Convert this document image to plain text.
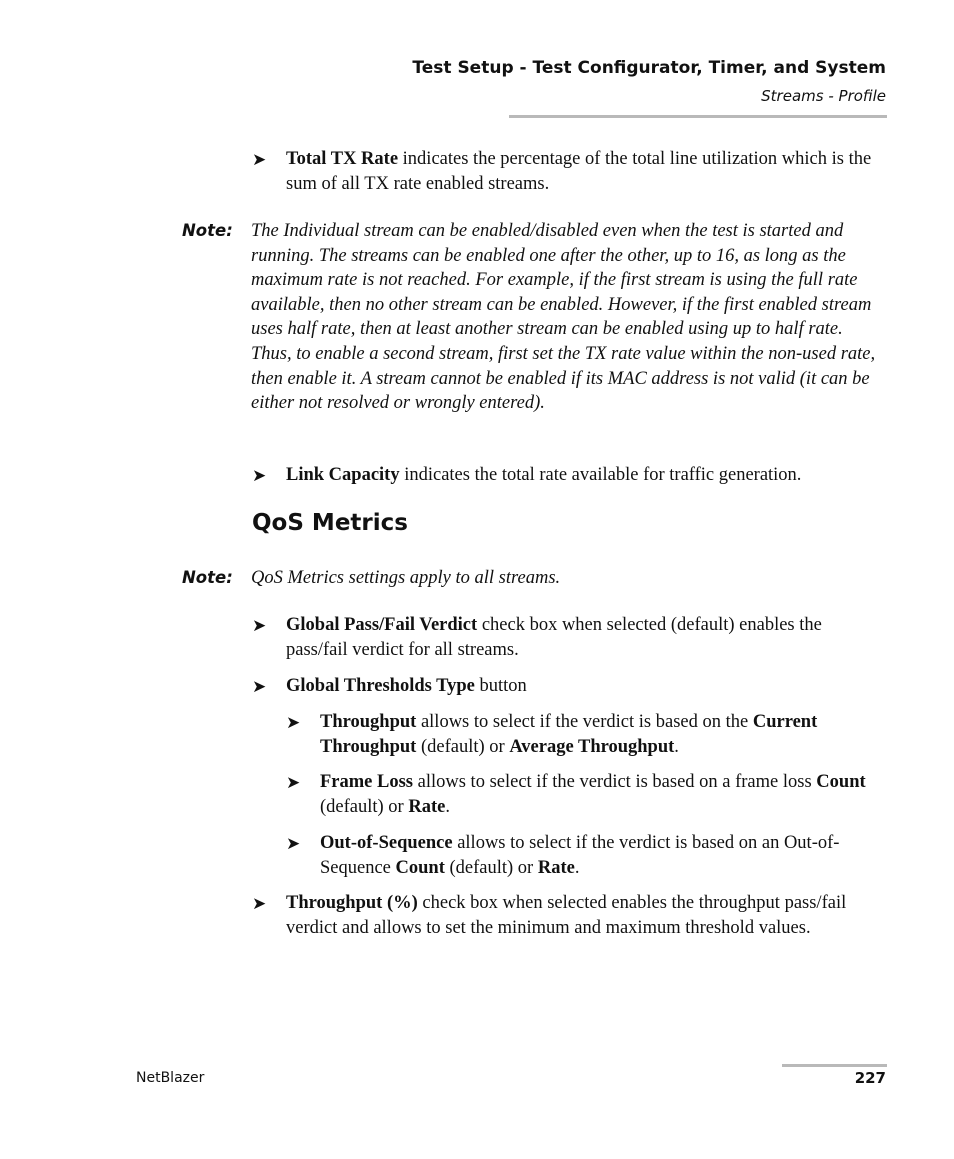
Test Setup - Test Configurator, Timer, and System
Streams - Profile
➤	Total TX Rate indicates the percentage of the total line utilization which is the sum of all TX rate enabled streams.
Note: The Individual stream can be enabled/disabled even when the test is started and running. The streams can be enabled one after the other, up to 16, as long as the maximum rate is not reached. For example, if the first stream is using the full rate available, then no other stream can be enabled. However, if the first enabled stream uses half rate, then at least another stream can be enabled using up to half rate. Thus, to enable a second stream, first set the TX rate value within the non-used rate, then enable it. A stream cannot be enabled if its MAC address is not valid (it can be either not resolved or wrongly entered).
➤	Link Capacity indicates the total rate available for traffic generation.
QoS Metrics
Note: QoS Metrics settings apply to all streams.
➤	Global Pass/Fail Verdict check box when selected (default) enables the pass/fail verdict for all streams.
➤	Global Thresholds Type button
➤	Throughput allows to select if the verdict is based on the Current Throughput (default) or Average Throughput.
➤	Frame Loss allows to select if the verdict is based on a frame loss Count (default) or Rate.
➤	Out-of-Sequence allows to select if the verdict is based on an Out-of-Sequence Count (default) or Rate.
➤	Throughput (%) check box when selected enables the throughput pass/fail verdict and allows to set the minimum and maximum threshold values.
NetBlazer	227
